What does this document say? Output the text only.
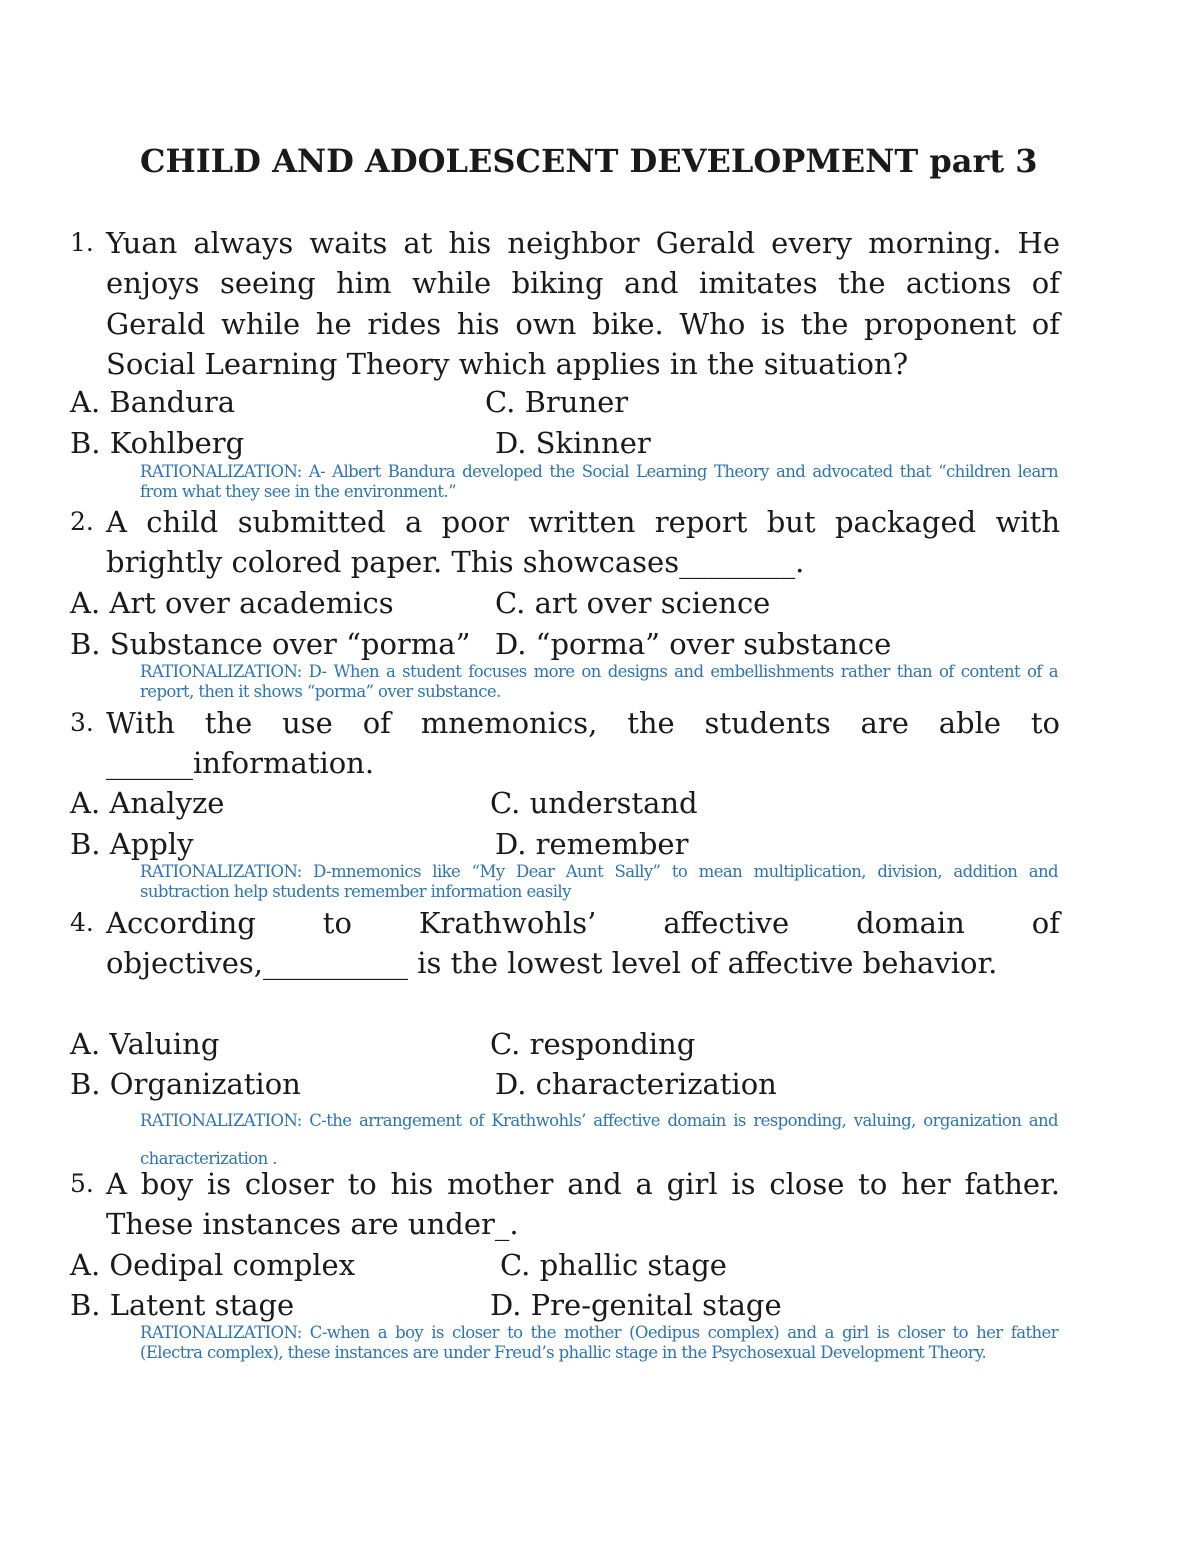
CHILD AND ADOLESCENT DEVELOPMENT part 3
1. Yuan always waits at his neighbor Gerald every morning. He enjoys seeing him while biking and imitates the actions of Gerald while he rides his own bike. Who is the proponent of Social Learning Theory which applies in the situation?
A. Bandura	C. Bruner
B. Kohlberg	D. Skinner
RATIONALIZATION: A- Albert Bandura developed the Social Learning Theory and advocated that “children learn from what they see in the environment.”
2. A child submitted a poor written report but packaged with brightly colored paper. This showcases________.
A. Art over academics	C. art over science
B. Substance over “porma” D. “porma” over substance
RATIONALIZATION: D- When a student focuses more on designs and embellishments rather than of content of a report, then it shows “porma” over substance.
3. With the use of mnemonics, the students are able to ______information.
A. Analyze	C. understand
B. Apply	D. remember
RATIONALIZATION: D-mnemonics like “My Dear Aunt Sally” to mean multiplication, division, addition and subtraction help students remember information easily
4. According to Krathwohls’ affective domain of objectives,__________ is the lowest level of affective behavior.
A. Valuing	C. responding
B. Organization	D. characterization
RATIONALIZATION: C-the arrangement of Krathwohls’ affective domain is responding, valuing, organization and characterization .
5. A boy is closer to his mother and a girl is close to her father. These instances are under_.
A. Oedipal complex	C. phallic stage
B. Latent stage	D. Pre-genital stage
RATIONALIZATION: C-when a boy is closer to the mother (Oedipus complex) and a girl is closer to her father (Electra complex), these instances are under Freud’s phallic stage in the Psychosexual Development Theory.
